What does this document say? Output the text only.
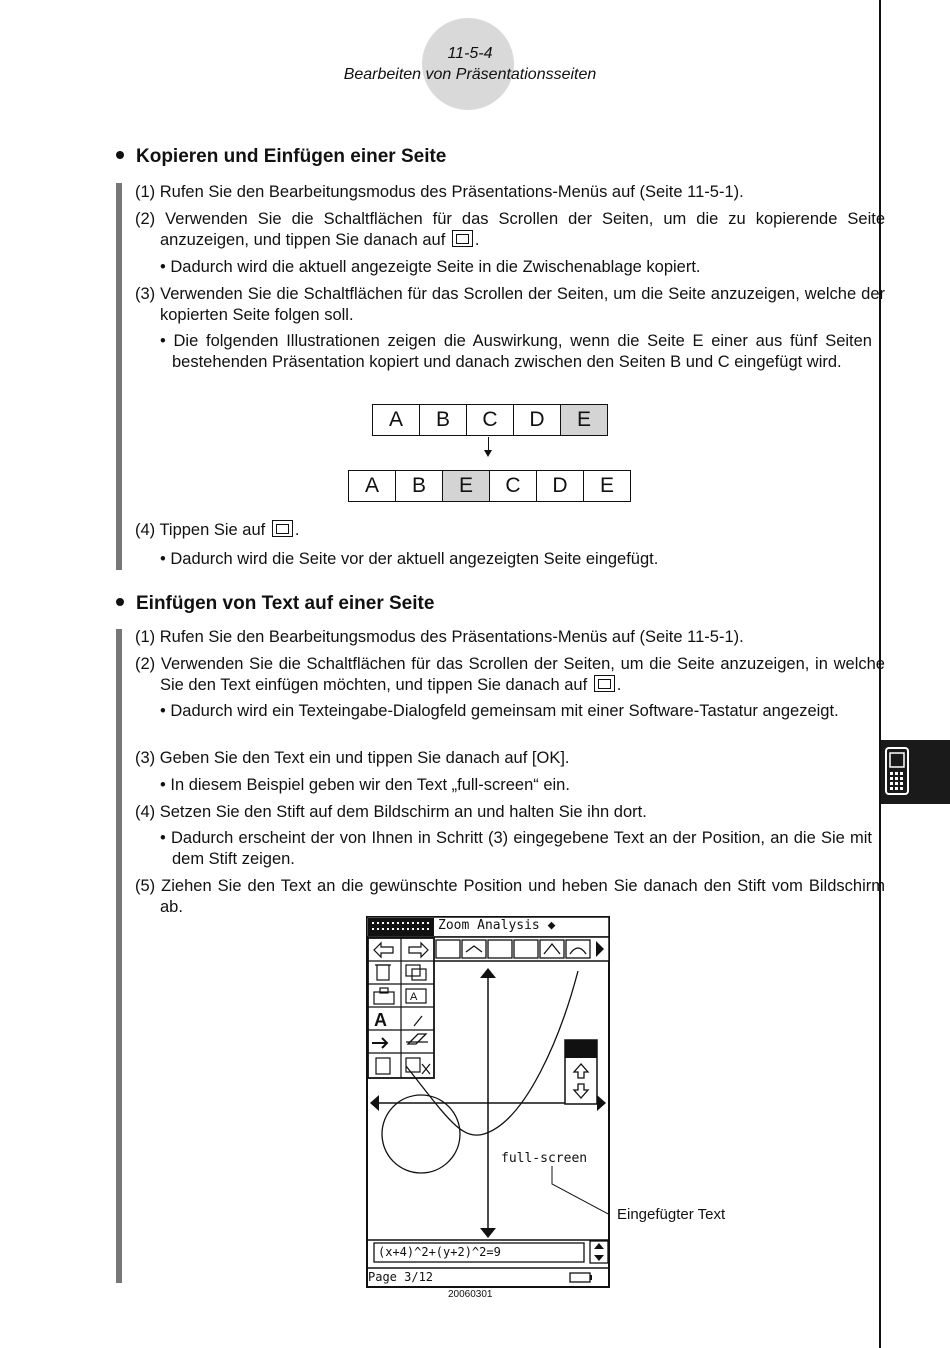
11-5-4
Bearbeiten von Präsentationsseiten
Kopieren und Einfügen einer Seite
(1) Rufen Sie den Bearbeitungsmodus des Präsentations-Menüs auf (Seite 11-5-1).
(2) Verwenden Sie die Schaltflächen für das Scrollen der Seiten, um die zu kopierende Seite anzuzeigen, und tippen Sie danach auf .
• Dadurch wird die aktuell angezeigte Seite in die Zwischenablage kopiert.
(3) Verwenden Sie die Schaltflächen für das Scrollen der Seiten, um die Seite anzuzeigen, welche der kopierten Seite folgen soll.
• Die folgenden Illustrationen zeigen die Auswirkung, wenn die Seite E einer aus fünf Seiten bestehenden Präsentation kopiert und danach zwischen den Seiten B und C eingefügt wird.
A	B	C	D	E
A	B	E	C	D	E
(4) Tippen Sie auf .
• Dadurch wird die Seite vor der aktuell angezeigten Seite eingefügt.
Einfügen von Text auf einer Seite
(1) Rufen Sie den Bearbeitungsmodus des Präsentations-Menüs auf (Seite 11-5-1).
(2) Verwenden Sie die Schaltflächen für das Scrollen der Seiten, um die Seite anzuzeigen, in welche Sie den Text einfügen möchten, und tippen Sie danach auf .
• Dadurch wird ein Texteingabe-Dialogfeld gemeinsam mit einer Software-Tastatur angezeigt.
(3) Geben Sie den Text ein und tippen Sie danach auf [OK].
• In diesem Beispiel geben wir den Text „full-screen“ ein.
(4) Setzen Sie den Stift auf dem Bildschirm an und halten Sie ihn dort.
• Dadurch erscheint der von Ihnen in Schritt (3) eingegebene Text an der Position, an die Sie mit dem Stift zeigen.
(5) Ziehen Sie den Text an die gewünschte Position und heben Sie danach den Stift vom Bildschirm ab.
A
A
Zoom Analysis ◆
full-screen
(x+4)^2+(y+2)^2=9
Page 3/12
Eingefügter Text
20060301
